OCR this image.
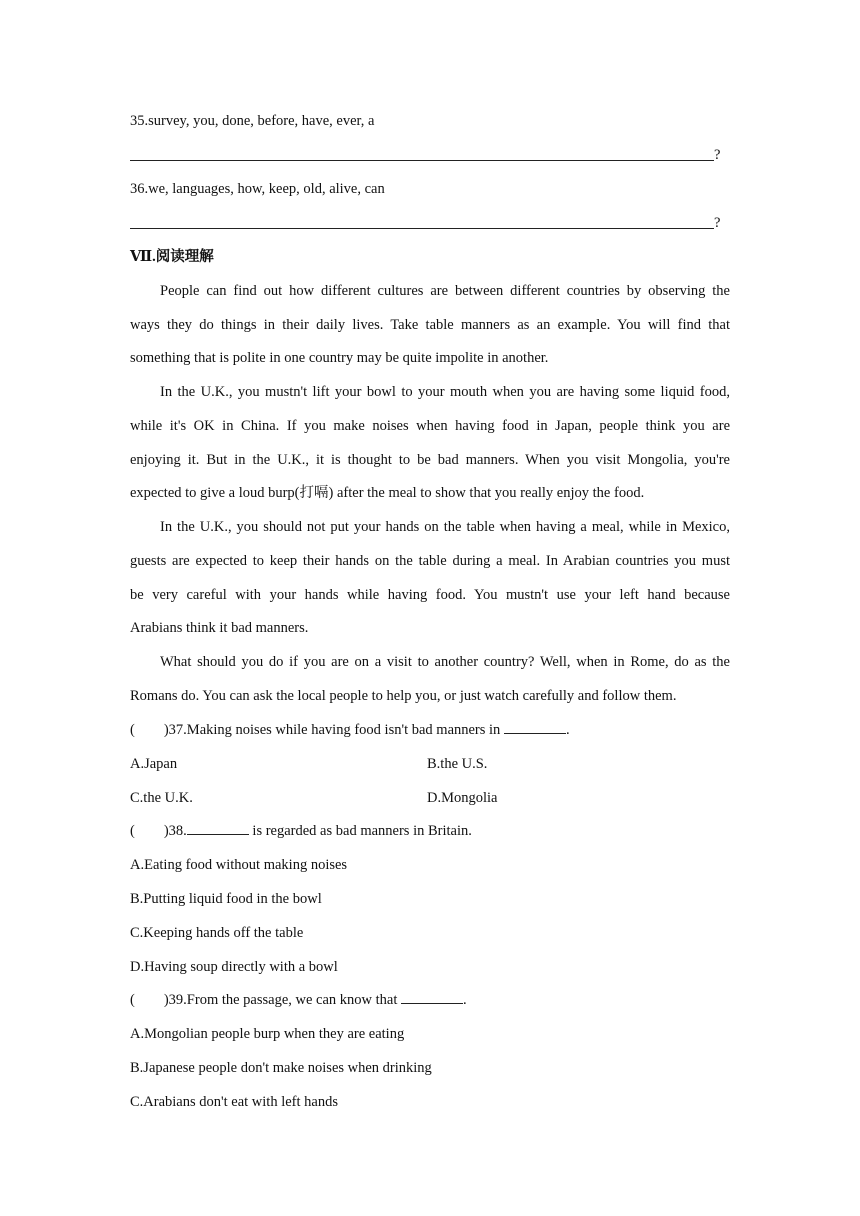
35.survey, you, done, before, have, ever, a
?
36.we, languages, how, keep, old, alive, can
?
Ⅶ.阅读理解
People can find out how different cultures are between different countries by observing the
ways they do things in their daily lives. Take table manners as an example. You will find that
something that is polite in one country may be quite impolite in another.
In the U.K., you mustn't lift your bowl to your mouth when you are having some liquid food,
while it's OK in China. If you make noises when having food in Japan, people think you are
enjoying it. But in the U.K., it is thought to be bad manners. When you visit Mongolia, you're
expected to give a loud burp(打嗝) after the meal to show that you really enjoy the food.
In the U.K., you should not put your hands on the table when having a meal, while in Mexico,
guests are expected to keep their hands on the table during a meal. In Arabian countries you must
be very careful with your hands while having food. You mustn't use your left hand because
Arabians think it bad manners.
What should you do if you are on a visit to another country? Well, when in Rome, do as the
Romans do. You can ask the local people to help you, or just watch carefully and follow them.
(　　)37.Making noises while having food isn't bad manners in	.
A.Japan	B.the U.S.
C.the U.K.	D.Mongolia
(　　)38.	is regarded as bad manners in Britain.
A.Eating food without making noises
B.Putting liquid food in the bowl
C.Keeping hands off the table
D.Having soup directly with a bowl
(　　)39.From the passage, we can know that	.
A.Mongolian people burp when they are eating
B.Japanese people don't make noises when drinking
C.Arabians don't eat with left hands
